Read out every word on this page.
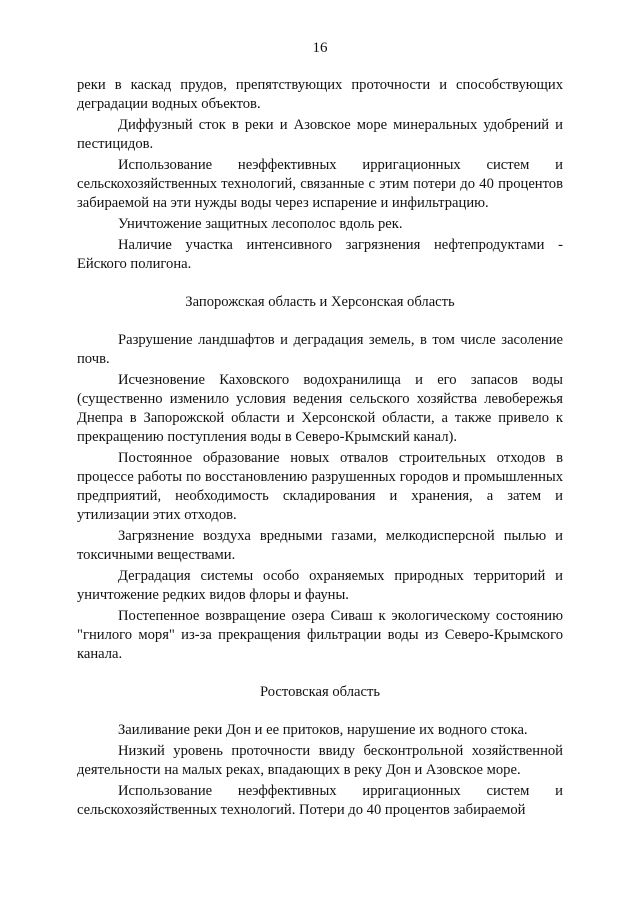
16

реки в каскад прудов, препятствующих проточности и способствующих деградации водных объектов.

Диффузный сток в реки и Азовское море минеральных удобрений и пестицидов.

Использование неэффективных ирригационных систем и сельскохозяйственных технологий, связанные с этим потери до 40 процентов забираемой на эти нужды воды через испарение и инфильтрацию.

Уничтожение защитных лесополос вдоль рек.

Наличие участка интенсивного загрязнения нефтепродуктами - Ейского полигона.

Запорожская область и Херсонская область

Разрушение ландшафтов и деградация земель, в том числе засоление почв.

Исчезновение Каховского водохранилища и его запасов воды (существенно изменило условия ведения сельского хозяйства левобережья Днепра в Запорожской области и Херсонской области, а также привело к прекращению поступления воды в Северо-Крымский канал).

Постоянное образование новых отвалов строительных отходов в процессе работы по восстановлению разрушенных городов и промышленных предприятий, необходимость складирования и хранения, а затем и утилизации этих отходов.

Загрязнение воздуха вредными газами, мелкодисперсной пылью и токсичными веществами.

Деградация системы особо охраняемых природных территорий и уничтожение редких видов флоры и фауны.

Постепенное возвращение озера Сиваш к экологическому состоянию "гнилого моря" из-за прекращения фильтрации воды из Северо-Крымского канала.

Ростовская область

Заиливание реки Дон и ее притоков, нарушение их водного стока.

Низкий уровень проточности ввиду бесконтрольной хозяйственной деятельности на малых реках, впадающих в реку Дон и Азовское море.

Использование неэффективных ирригационных систем и сельскохозяйственных технологий. Потери до 40 процентов забираемой
